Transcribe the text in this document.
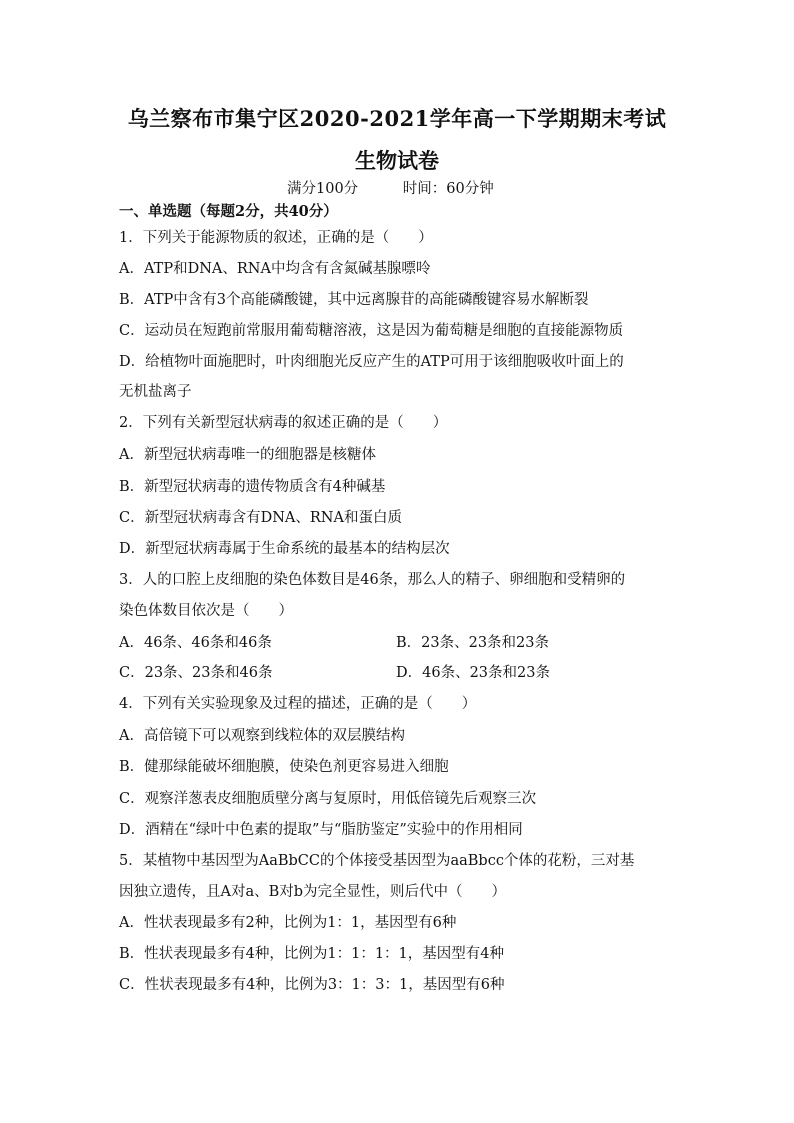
乌兰察布市集宁区2020-2021学年高一下学期期末考试
生物试卷
满分100分	时间：60分钟
一、单选题（每题2分，共40分）
1．下列关于能源物质的叙述，正确的是（　　）
A．ATP和DNA、RNA中均含有含氮碱基腺嘌呤
B．ATP中含有3个高能磷酸键，其中远离腺苷的高能磷酸键容易水解断裂
C．运动员在短跑前常服用葡萄糖溶液，这是因为葡萄糖是细胞的直接能源物质
D．给植物叶面施肥时，叶肉细胞光反应产生的ATP可用于该细胞吸收叶面上的
无机盐离子
2．下列有关新型冠状病毒的叙述正确的是（　　）
A．新型冠状病毒唯一的细胞器是核糖体
B．新型冠状病毒的遗传物质含有4种碱基
C．新型冠状病毒含有DNA、RNA和蛋白质
D．新型冠状病毒属于生命系统的最基本的结构层次
3．人的口腔上皮细胞的染色体数目是46条，那么人的精子、卵细胞和受精卵的
染色体数目依次是（　　）
A．46条、46条和46条	B．23条、23条和23条
C．23条、23条和46条	D．46条、23条和23条
4．下列有关实验现象及过程的描述，正确的是（　　）
A．高倍镜下可以观察到线粒体的双层膜结构
B．健那绿能破坏细胞膜，使染色剂更容易进入细胞
C．观察洋葱表皮细胞质壁分离与复原时，用低倍镜先后观察三次
D．酒精在“绿叶中色素的提取”与“脂肪鉴定”实验中的作用相同
5．某植物中基因型为AaBbCC的个体接受基因型为aaBbcc个体的花粉，三对基
因独立遗传，且A对a、B对b为完全显性，则后代中（　　）
A．性状表现最多有2种，比例为1：1，基因型有6种
B．性状表现最多有4种，比例为1：1：1：1，基因型有4种
C．性状表现最多有4种，比例为3：1：3：1，基因型有6种
